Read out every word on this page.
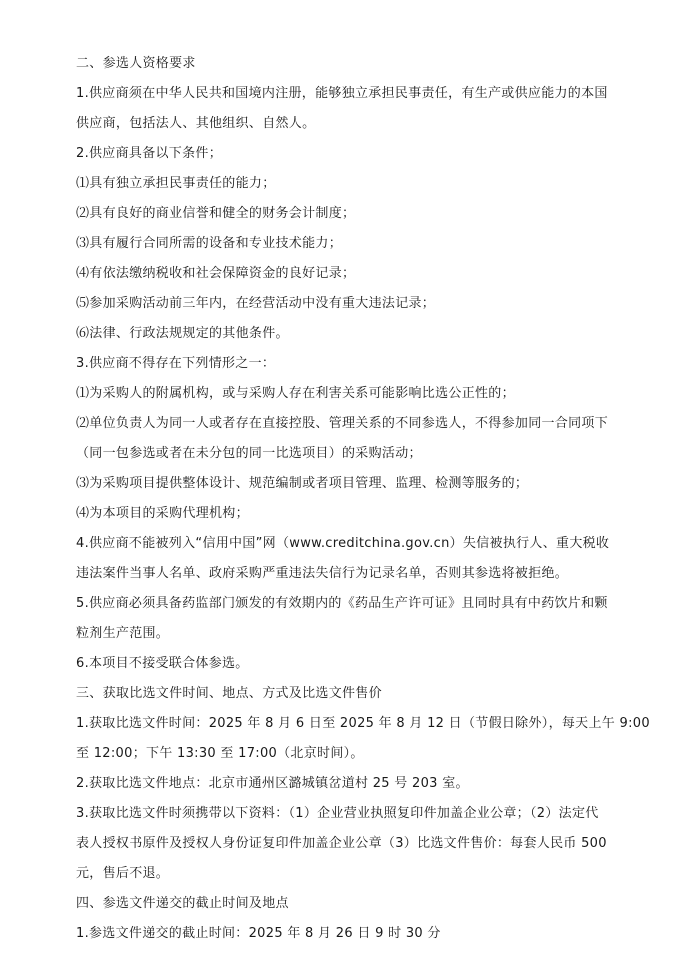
二、参选人资格要求
1.供应商须在中华人民共和国境内注册，能够独立承担民事责任，有生产或供应能力的本国
供应商，包括法人、其他组织、自然人。
2.供应商具备以下条件；
⑴具有独立承担民事责任的能力；
⑵具有良好的商业信誉和健全的财务会计制度；
⑶具有履行合同所需的设备和专业技术能力；
⑷有依法缴纳税收和社会保障资金的良好记录；
⑸参加采购活动前三年内，在经营活动中没有重大违法记录；
⑹法律、行政法规规定的其他条件。
3.供应商不得存在下列情形之一：
⑴为采购人的附属机构，或与采购人存在利害关系可能影响比选公正性的；
⑵单位负责人为同一人或者存在直接控股、管理关系的不同参选人，不得参加同一合同项下
（同一包参选或者在未分包的同一比选项目）的采购活动；
⑶为采购项目提供整体设计、规范编制或者项目管理、监理、检测等服务的；
⑷为本项目的采购代理机构；
4.供应商不能被列入“信用中国”网（www.creditchina.gov.cn）失信被执行人、重大税收
违法案件当事人名单、政府采购严重违法失信行为记录名单，否则其参选将被拒绝。
5.供应商必须具备药监部门颁发的有效期内的《药品生产许可证》且同时具有中药饮片和颗
粒剂生产范围。
6.本项目不接受联合体参选。
三、获取比选文件时间、地点、方式及比选文件售价
1.获取比选文件时间：2025 年 8 月 6 日至 2025 年 8 月 12 日（节假日除外），每天上午 9:00
至 12:00；下午 13:30 至 17:00（北京时间）。
2.获取比选文件地点：北京市通州区潞城镇岔道村 25 号 203 室。
3.获取比选文件时须携带以下资料：（1）企业营业执照复印件加盖企业公章；（2）法定代
表人授权书原件及授权人身份证复印件加盖企业公章（3）比选文件售价：每套人民币 500
元，售后不退。
四、参选文件递交的截止时间及地点
1.参选文件递交的截止时间：2025 年 8 月 26 日 9 时 30 分
